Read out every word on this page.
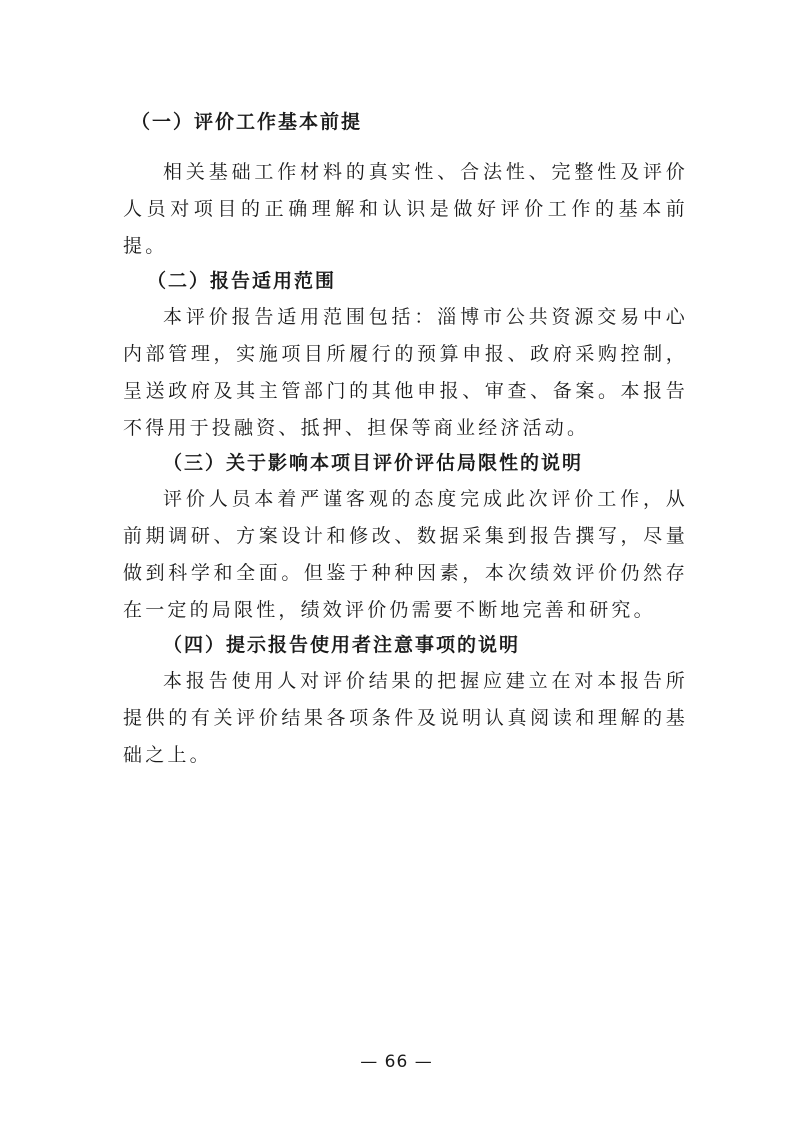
（一）评价工作基本前提

相关基础工作材料的真实性、合法性、完整性及评价人员对项目的正确理解和认识是做好评价工作的基本前提。

（二）报告适用范围

本评价报告适用范围包括：淄博市公共资源交易中心内部管理，实施项目所履行的预算申报、政府采购控制，呈送政府及其主管部门的其他申报、审查、备案。本报告不得用于投融资、抵押、担保等商业经济活动。

（三）关于影响本项目评价评估局限性的说明

评价人员本着严谨客观的态度完成此次评价工作，从前期调研、方案设计和修改、数据采集到报告撰写，尽量做到科学和全面。但鉴于种种因素，本次绩效评价仍然存在一定的局限性，绩效评价仍需要不断地完善和研究。

（四）提示报告使用者注意事项的说明

本报告使用人对评价结果的把握应建立在对本报告所提供的有关评价结果各项条件及说明认真阅读和理解的基础之上。

— 66 —
